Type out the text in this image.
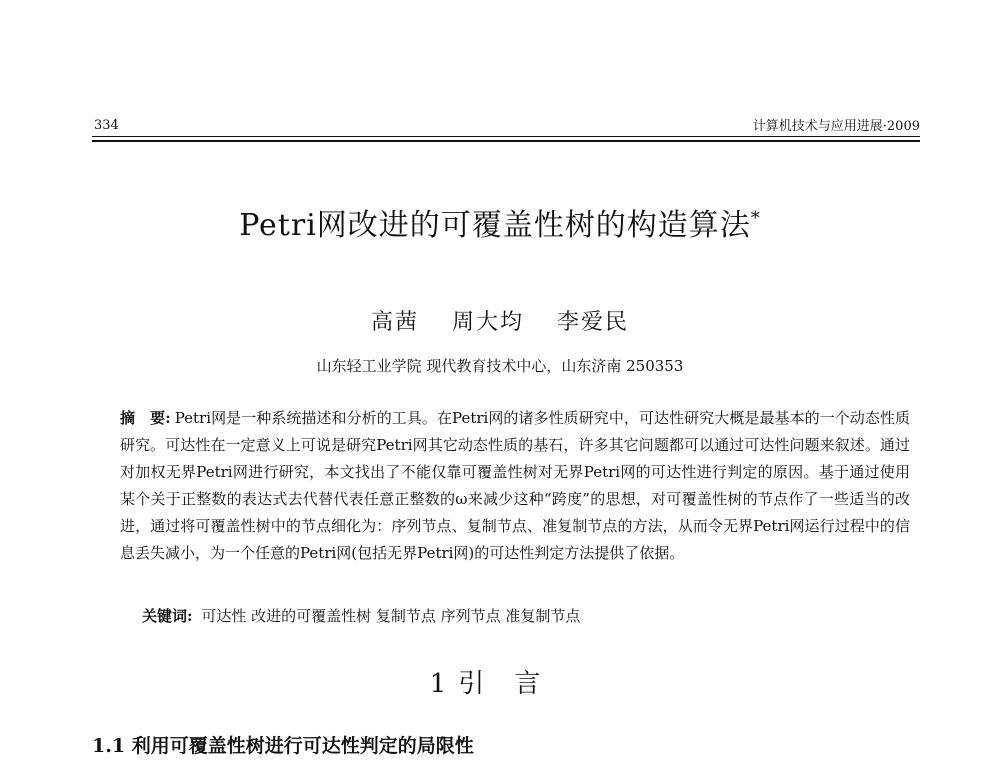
334	计算机技术与应用进展·2009
Petri网改进的可覆盖性树的构造算法*
高茜 周大均 李爱民
山东轻工业学院 现代教育技术中心，山东济南 250353
摘　要: Petri网是一种系统描述和分析的工具。在Petri网的诸多性质研究中，可达性研究大概是最基本的一个动态性质研究。可达性在一定意义上可说是研究Petri网其它动态性质的基石，许多其它问题都可以通过可达性问题来叙述。通过对加权无界Petri网进行研究，本文找出了不能仅靠可覆盖性树对无界Petri网的可达性进行判定的原因。基于通过使用某个关于正整数的表达式去代替代表任意正整数的ω来减少这种“跨度”的思想，对可覆盖性树的节点作了一些适当的改进，通过将可覆盖性树中的节点细化为：序列节点、复制节点、准复制节点的方法，从而令无界Petri网运行过程中的信息丢失减小，为一个任意的Petri网(包括无界Petri网)的可达性判定方法提供了依据。
关键词: 可达性 改进的可覆盖性树 复制节点 序列节点 准复制节点
1 引言
1.1 利用可覆盖性树进行可达性判定的局限性
